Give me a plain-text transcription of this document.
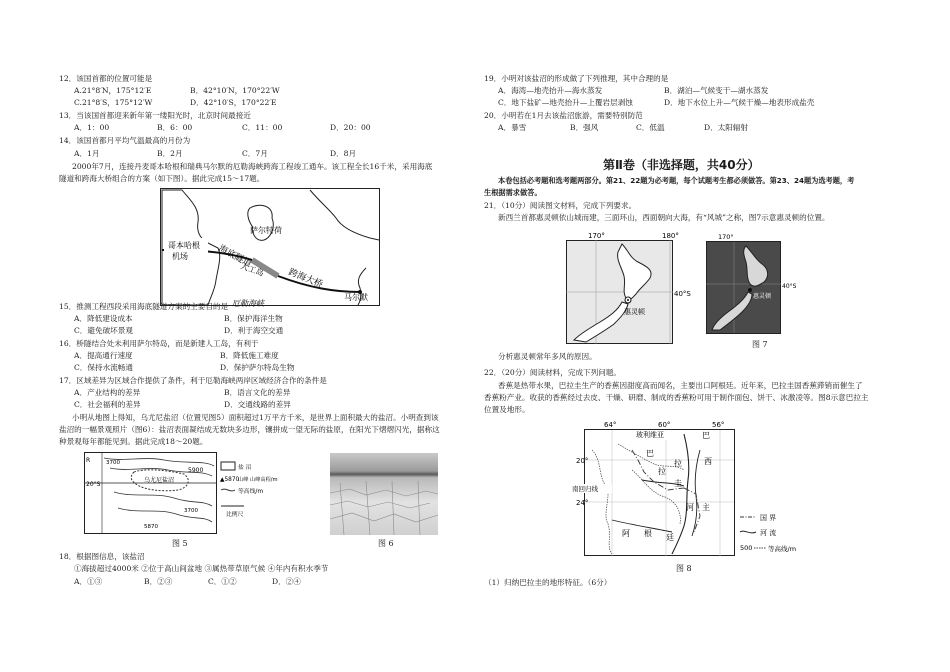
12．该国首都的位置可能是
A.21°8′N，175°12′E	B．42°10′N，170°22′W
C.21°8′S，175°12′W	D．42°10′S，170°22′E
13．当该国首都迎来新年第一缕阳光时，北京时间最接近
A．1：00	B．6：00	C．11：00	D．20：00
14．该国首都月平均气温最高的月份为
A．1月	B．2月	C．7月	D．8月
2000年7月，连接丹麦哥本哈根和瑞典马尔默的厄勒海峡跨海工程竣工通车。该工程全长16千米，采用海底
隧道和跨海大桥组合的方案（如下图）。据此完成15～17题。
哥本哈根
机场
萨尔特荷
海底隧道
人工岛 跨海大桥
厄勒海峡
马尔默
15．推测工程西段采用海底隧道方案的主要目的是
A．降低建设成本	B．保护海洋生物
C．避免破坏景观	D．利于海空交通
16．桥隧结合处未利用萨尔特岛，而是新建人工岛，有利于
A．提高通行速度	B．降低施工难度
C．保持水流畅通	D．保护萨尔特岛生物
17．区域差异为区域合作提供了条件，利于厄勒海峡两岸区域经济合作的条件是
A．产业结构的差异	B．语言文化的差异
C．社会福利的差异	D．交通线路的差异
小明从地图上得知，乌尤尼盐沼（位置见图5）面积超过1万平方千米，是世界上面积最大的盐沼。小明查到该
盐沼的一幅景观照片（图6）：盐沼表面凝结成无数块多边形，镶拼成一望无际的盐原，在阳光下熠熠闪光，据称这
种景观每年都能见到。据此完成18～20题。
R
20°S
乌尤尼盐沼
5900
3700
3700
5870
盐 沼
▲5870
山峰 山峰高程/m
等高线/m
比例尺
图 5	图 6
18．根据图信息，该盐沼
①海拔超过4000米 ②位于高山间盆地 ③属热带草原气候 ④年内有积水季节
A．①③	B．②③	C．①②	D．②④
19．小明对该盐沼的形成做了下列推理，其中合理的是
A．海湾—地壳抬升—海水蒸发	B．湖泊—气候变干—湖水蒸发
C．地下盐矿—地壳抬升—上覆岩层剥蚀	D．地下水位上升—气候干燥—地表形成盐壳
20．小明若在1月去该盐沼旅游，需要特别防范
A．暴雪	B．强风	C．低温	D．太阳辐射
第Ⅱ卷（非选择题，共40分）
本卷包括必考题和选考题两部分。第21、22题为必考题，每个试题考生都必须做答。第23、24题为选考题，考
生根据需求做答。
21．（10分）阅读图文材料，完成下列要求。
新西兰首都惠灵顿依山城而建，三面环山，西面朝向大海，有“风城”之称，图7示意惠灵顿的位置。
170°	180°
惠灵顿
40°S
170°
惠灵顿
40°S
图 7
分析惠灵顿常年多风的原因。
22．（20分）阅读材料，完成下列问题。
香蕉是热带水果，巴拉圭生产的香蕉因甜度高而闻名，主要出口阿根廷。近年来，巴拉圭国香蕉滞销而催生了
香蕉粉产业。收获的香蕉经过去皮、干燥、研磨、制成的香蕉粉可用于制作面包、饼干、冰激凌等。图8示意巴拉主
位置及地形。
64°	60°	56°
玻利维亚
20°
南回归线
24°
巴
西
巴
拉
拉
圭
河 主
阿 根 廷
国 界
河 流
500 等高线/m
图 8
（1）归纳巴拉圭的地形特征。（6分）
